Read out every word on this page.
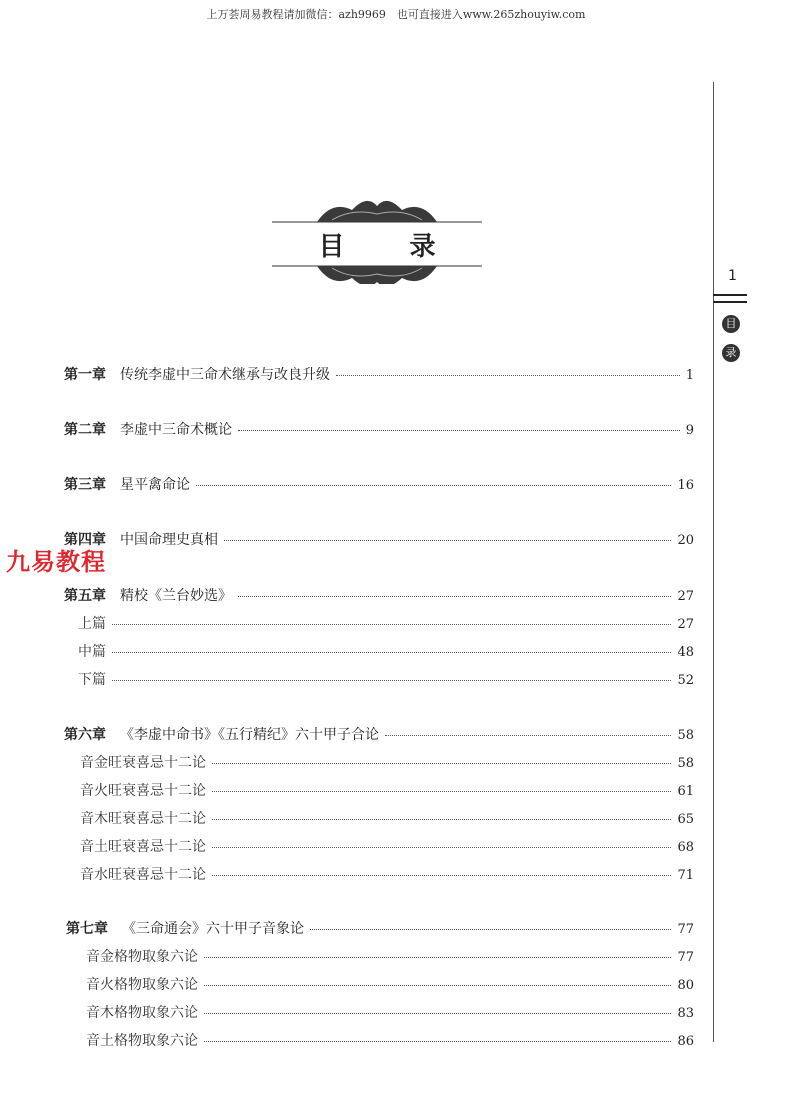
上万荟周易教程请加微信：azh9969　也可直接进入www.265zhouyiw.com
目 录
1
目
录
九易教程
第一章 传统李虚中三命术继承与改良升级	1
第二章 李虚中三命术概论	9
第三章 星平禽命论	16
第四章 中国命理史真相	20
第五章 精校《兰台妙选》	27
上篇	27
中篇	48
下篇	52
第六章 《李虚中命书》《五行精纪》六十甲子合论	58
音金旺衰喜忌十二论	58
音火旺衰喜忌十二论	61
音木旺衰喜忌十二论	65
音土旺衰喜忌十二论	68
音水旺衰喜忌十二论	71
第七章 《三命通会》六十甲子音象论	77
音金格物取象六论	77
音火格物取象六论	80
音木格物取象六论	83
音土格物取象六论	86
